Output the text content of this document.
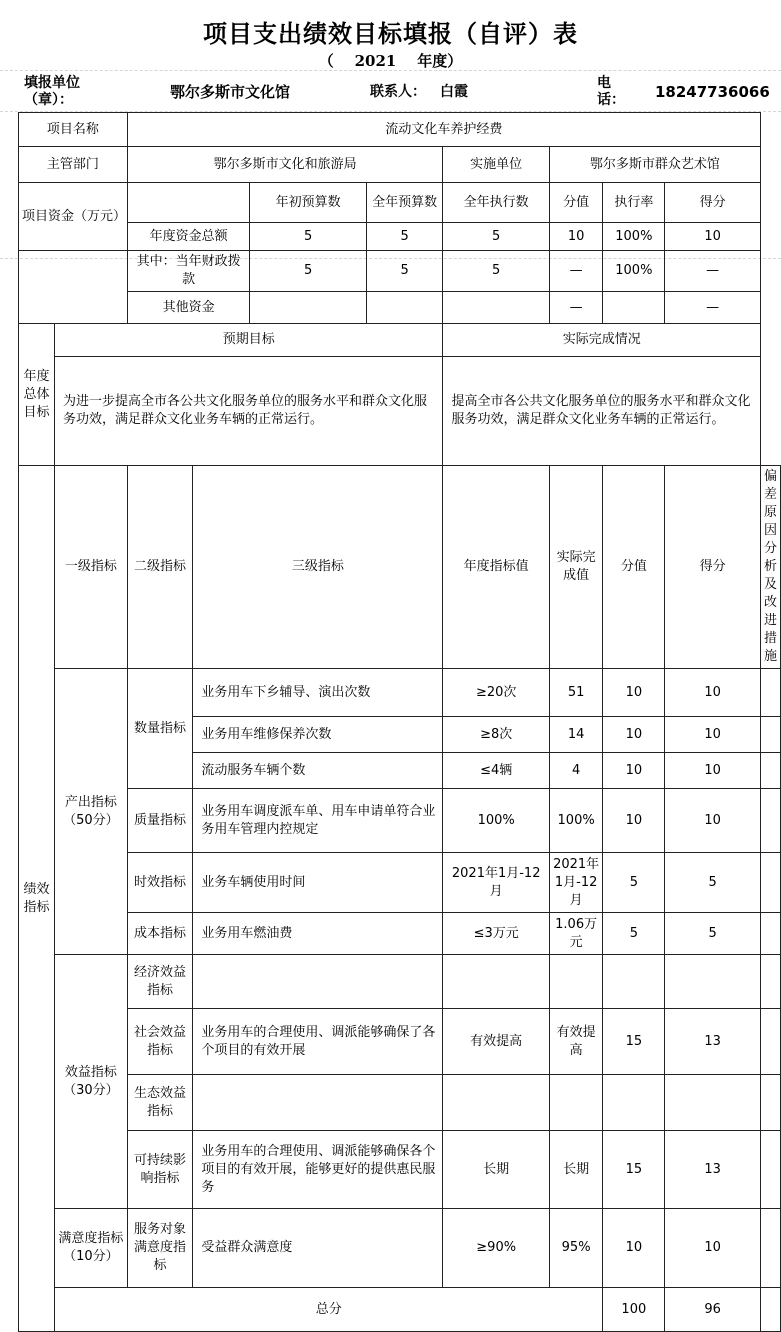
项目支出绩效目标填报（自评）表
（ 2021 年度）
填报单位（章）：	鄂尔多斯市文化馆	联系人： 白霞
电话： 18247736066
项目名称		流动文化车养护经费								
主管部门		鄂尔多斯市文化和旅游局				实施单位	鄂尔多斯市群众艺术馆			
项目资金（万元）				年初预算数	全年预算数	全年执行数	分值	执行率	得分	
		年度资金总额		5	5	5	10	100%	10	
		其中：当年财政拨款		5	5	5	—	100%	—	
		其他资金					—		—	
年度总体目标	预期目标					实际完成情况				
	为进一步提高全市各公共文化服务单位的服务水平和群众文化服务功效，满足群众文化业务车辆的正常运行。					提高全市各公共文化服务单位的服务水平和群众文化服务功效，满足群众文化业务车辆的正常运行。				
绩效指标	一级指标	二级指标	三级指标			年度指标值	实际完成值	分值	得分	偏差原因分析及改进措施
	产出指标（50分）	数量指标	业务用车下乡辅导、演出次数			≥20次	51	10	10	
			业务用车维修保养次数			≥8次	14	10	10	
			流动服务车辆个数			≤4辆	4	10	10	
		质量指标	业务用车调度派车单、用车申请单符合业务用车管理内控规定			100%	100%	10	10	
		时效指标	业务车辆使用时间			2021年1月-12月	2021年1月-12月	5	5	
		成本指标	业务用车燃油费			≤3万元	1.06万元	5	5	
	效益指标（30分）	经济效益指标								
		社会效益指标	业务用车的合理使用、调派能够确保了各个项目的有效开展			有效提高	有效提高	15	13	
		生态效益指标								
		可持续影响指标	业务用车的合理使用、调派能够确保各个项目的有效开展，能够更好的提供惠民服务			长期	长期	15	13	
	满意度指标（10分）	服务对象满意度指标	受益群众满意度			≥90%	95%	10	10	
	总分							100	96	
